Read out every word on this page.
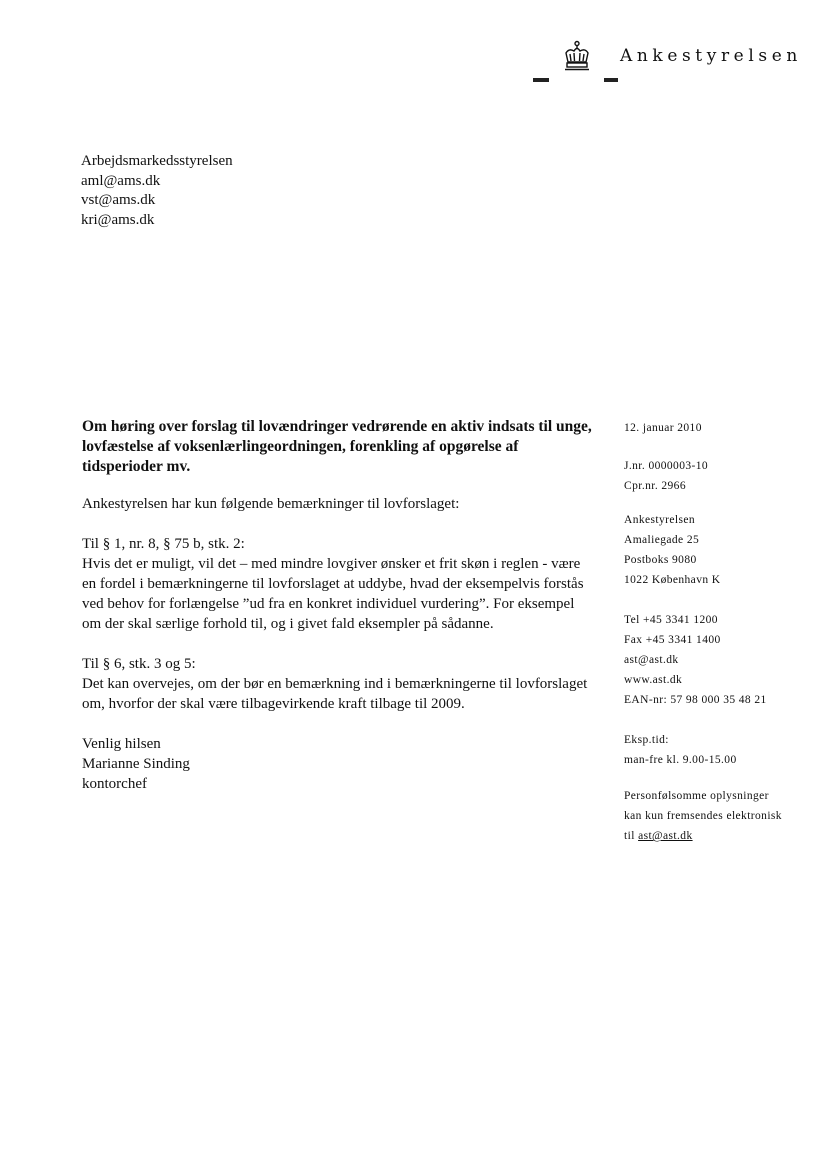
Ankestyrelsen
Arbejdsmarkedsstyrelsen
aml@ams.dk
vst@ams.dk
kri@ams.dk
Om høring over forslag til lovændringer vedrørende en aktiv indsats til unge, lovfæstelse af voksenlærlingeordningen, forenkling af opgørelse af tidsperioder mv.
Ankestyrelsen har kun følgende bemærkninger til lovforslaget:
Til § 1, nr. 8, § 75 b, stk. 2:
Hvis det er muligt, vil det – med mindre lovgiver ønsker et frit skøn i reglen - være en fordel i bemærkningerne til lovforslaget at uddybe, hvad der eksempelvis forstås ved behov for forlængelse ”ud fra en konkret individuel vurdering”. For eksempel om der skal særlige forhold til, og i givet fald eksempler på sådanne.
Til § 6, stk. 3 og 5:
Det kan overvejes, om der bør en bemærkning ind i bemærkningerne til lovforslaget om, hvorfor der skal være tilbagevirkende kraft tilbage til 2009.
Venlig hilsen
Marianne Sinding
kontorchef
12. januar 2010
J.nr. 0000003-10
Cpr.nr. 2966
Ankestyrelsen
Amaliegade 25
Postboks 9080
1022 København K
Tel +45 3341 1200
Fax +45 3341 1400
ast@ast.dk
www.ast.dk
EAN-nr: 57 98 000 35 48 21
Eksp.tid:
man-fre kl. 9.00-15.00
Personfølsomme oplysninger
kan kun fremsendes elektronisk
til ast@ast.dk
